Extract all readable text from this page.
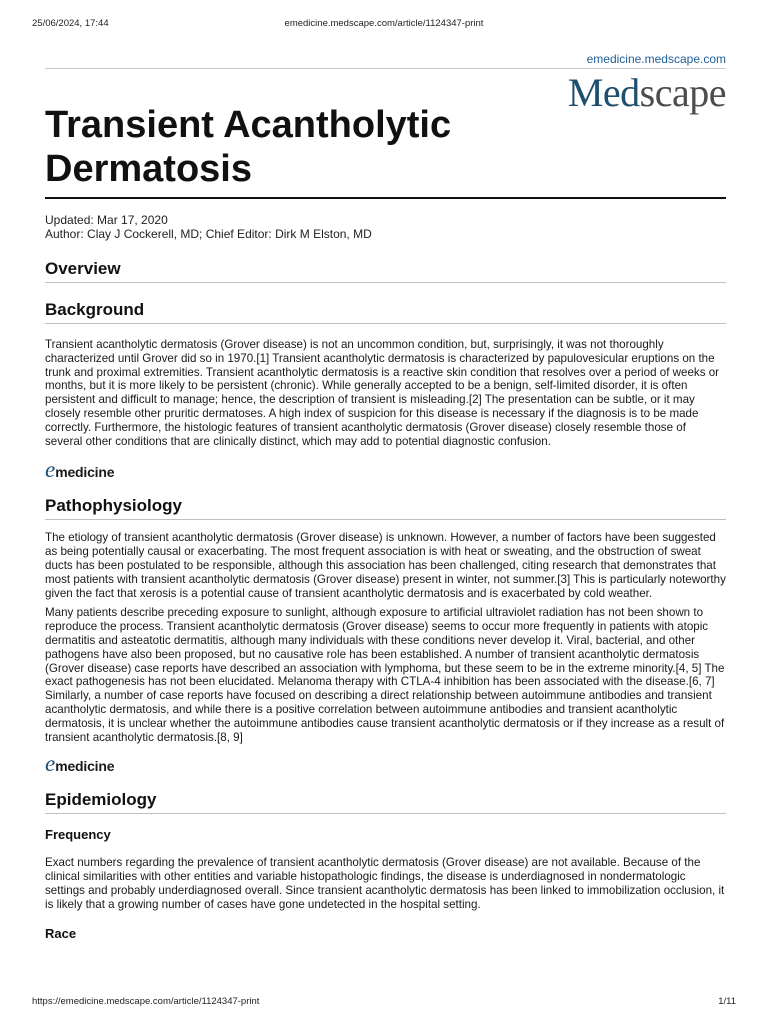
25/06/2024, 17:44	emedicine.medscape.com/article/1124347-print
emedicine.medscape.com
Medscape
Transient Acantholytic Dermatosis
Updated: Mar 17, 2020
Author: Clay J Cockerell, MD; Chief Editor: Dirk M Elston, MD
Overview
Background

Transient acantholytic dermatosis (Grover disease) is not an uncommon condition, but, surprisingly, it was not thoroughly characterized until Grover did so in 1970.[1] Transient acantholytic dermatosis is characterized by papulovesicular eruptions on the trunk and proximal extremities. Transient acantholytic dermatosis is a reactive skin condition that resolves over a period of weeks or months, but it is more likely to be persistent (chronic). While generally accepted to be a benign, self-limited disorder, it is often persistent and difficult to manage; hence, the description of transient is misleading.[2] The presentation can be subtle, or it may closely resemble other pruritic dermatoses. A high index of suspicion for this disease is necessary if the diagnosis is to be made correctly. Furthermore, the histologic features of transient acantholytic dermatosis (Grover disease) closely resemble those of several other conditions that are clinically distinct, which may add to potential diagnostic confusion.

emedicine
Pathophysiology

The etiology of transient acantholytic dermatosis (Grover disease) is unknown. However, a number of factors have been suggested as being potentially causal or exacerbating. The most frequent association is with heat or sweating, and the obstruction of sweat ducts has been postulated to be responsible, although this association has been challenged, citing research that demonstrates that most patients with transient acantholytic dermatosis (Grover disease) present in winter, not summer.[3] This is particularly noteworthy given the fact that xerosis is a potential cause of transient acantholytic dermatosis and is exacerbated by cold weather.

Many patients describe preceding exposure to sunlight, although exposure to artificial ultraviolet radiation has not been shown to reproduce the process. Transient acantholytic dermatosis (Grover disease) seems to occur more frequently in patients with atopic dermatitis and asteatotic dermatitis, although many individuals with these conditions never develop it. Viral, bacterial, and other pathogens have also been proposed, but no causative role has been established. A number of transient acantholytic dermatosis (Grover disease) case reports have described an association with lymphoma, but these seem to be in the extreme minority.[4, 5] The exact pathogenesis has not been elucidated. Melanoma therapy with CTLA-4 inhibition has been associated with the disease.[6, 7] Similarly, a number of case reports have focused on describing a direct relationship between autoimmune antibodies and transient acantholytic dermatosis, and while there is a positive correlation between autoimmune antibodies and transient acantholytic dermatosis, it is unclear whether the autoimmune antibodies cause transient acantholytic dermatosis or if they increase as a result of transient acantholytic dermatosis.[8, 9]

emedicine
Epidemiology
Frequency

Exact numbers regarding the prevalence of transient acantholytic dermatosis (Grover disease) are not available. Because of the clinical similarities with other entities and variable histopathologic findings, the disease is underdiagnosed in nondermatologic settings and probably underdiagnosed overall. Since transient acantholytic dermatosis has been linked to immobilization occlusion, it is likely that a growing number of cases have gone undetected in the hospital setting.

Race
https://emedicine.medscape.com/article/1124347-print	1/11
